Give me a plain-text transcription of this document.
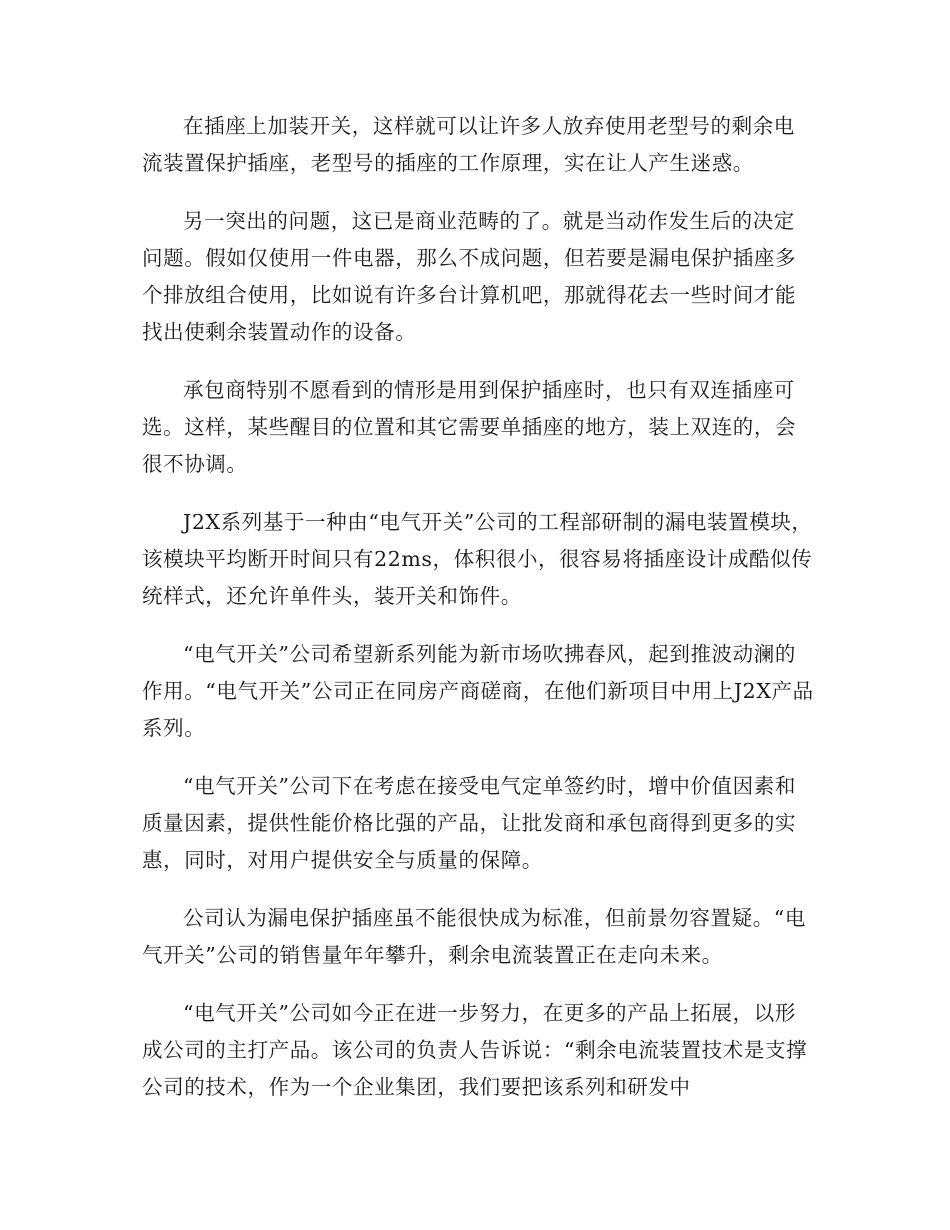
在插座上加装开关，这样就可以让许多人放弃使用老型号的剩余电流装置保护插座，老型号的插座的工作原理，实在让人产生迷惑。

另一突出的问题，这已是商业范畴的了。就是当动作发生后的决定问题。假如仅使用一件电器，那么不成问题，但若要是漏电保护插座多个排放组合使用，比如说有许多台计算机吧，那就得花去一些时间才能找出使剩余装置动作的设备。

承包商特别不愿看到的情形是用到保护插座时，也只有双连插座可选。这样，某些醒目的位置和其它需要单插座的地方，装上双连的，会很不协调。

J2X系列基于一种由“电气开关”公司的工程部研制的漏电装置模块，该模块平均断开时间只有22ms，体积很小，很容易将插座设计成酷似传统样式，还允许单件头，装开关和饰件。

“电气开关”公司希望新系列能为新市场吹拂春风，起到推波动澜的作用。“电气开关”公司正在同房产商磋商，在他们新项目中用上J2X产品系列。

“电气开关”公司下在考虑在接受电气定单签约时，增中价值因素和质量因素，提供性能价格比强的产品，让批发商和承包商得到更多的实惠，同时，对用户提供安全与质量的保障。

公司认为漏电保护插座虽不能很快成为标准，但前景勿容置疑。“电气开关”公司的销售量年年攀升，剩余电流装置正在走向未来。

“电气开关”公司如今正在进一步努力，在更多的产品上拓展，以形成公司的主打产品。该公司的负责人告诉说：“剩余电流装置技术是支撑公司的技术，作为一个企业集团，我们要把该系列和研发中
